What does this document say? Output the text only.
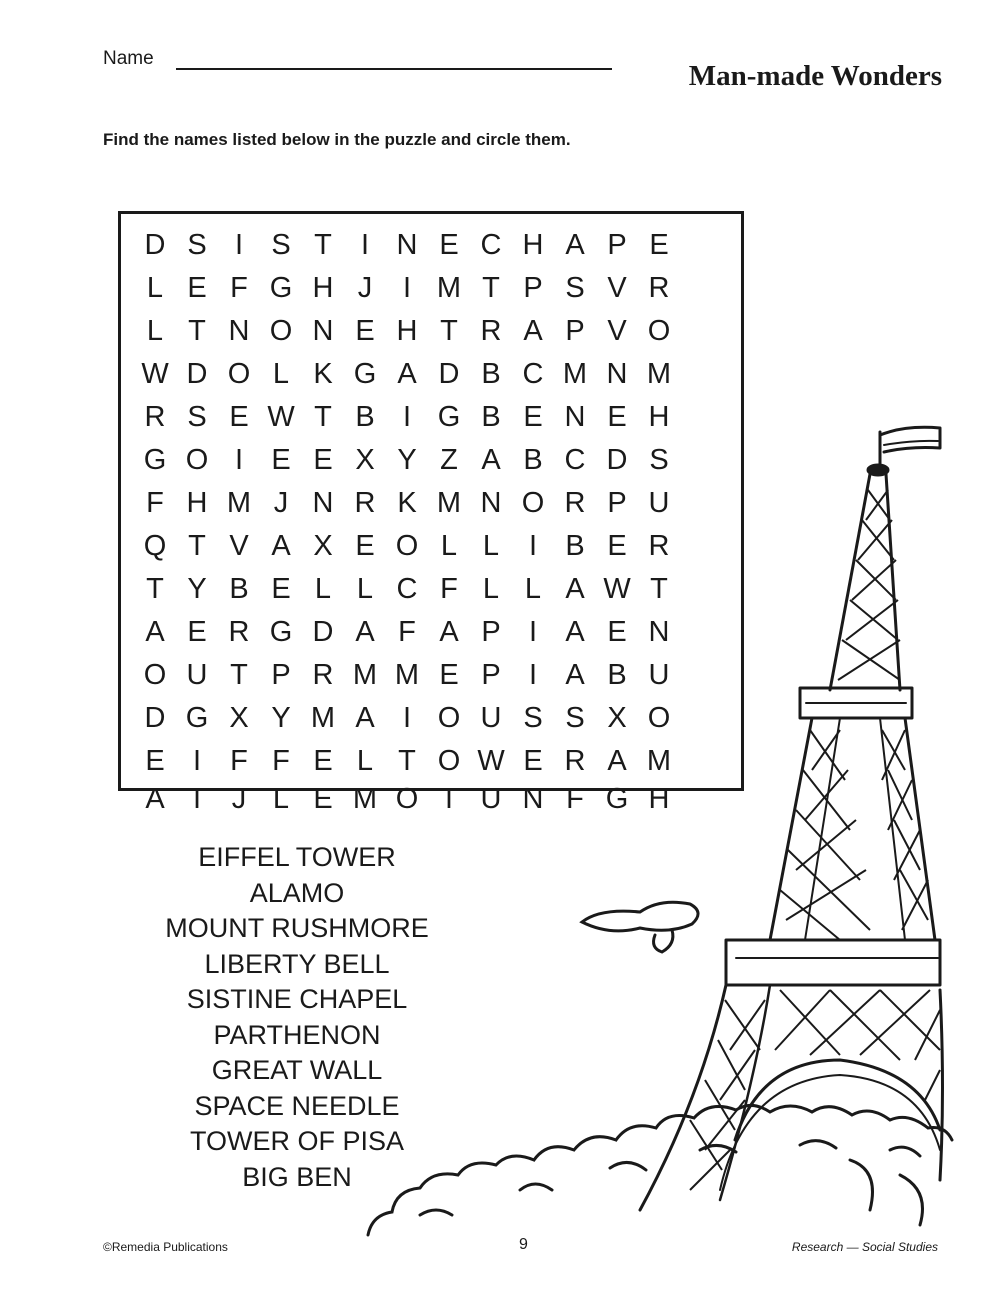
Name
Man-made Wonders
Find the names listed below in the puzzle and circle them.
D S I S T	I N E C H A P E
L E F G H J	I M T P S V R
L T N O N E H T R A P V O
W D O L K G A D B C M N M
R S E W T B I G B E N E H
G O I E E X Y Z A B C D S
F H M J N R K M N O R P U
Q T V A X E O L L	I B E R
T Y B E L L C F L L A W T
A E R G D A F A P I A E N
O U T P R M M E P I A B U
D G X Y M A I O U S S X O
E I	F F E L T O W E R A M
A I	J L E M O T U N F G H
EIFFEL TOWER
ALAMO
MOUNT RUSHMORE
LIBERTY BELL
SISTINE CHAPEL
PARTHENON
GREAT WALL
SPACE NEEDLE
TOWER OF PISA
BIG BEN
©Remedia Publications	9	Research — Social Studies
